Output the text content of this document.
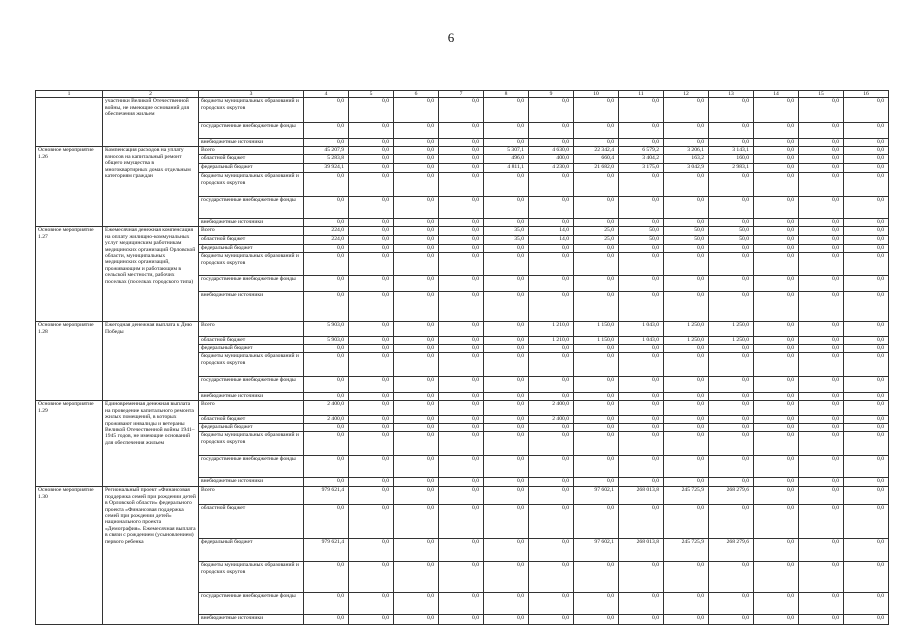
6
1	2	3	4	5	6	7	8	9	10	11	12	13	14	15	16
	участники Великой Отечественной войны, не имеющие оснований для обеспечения жильем	бюджеты муниципальных образований и городских округов	0,0	0,0	0,0	0,0	0,0	0,0	0,0	0,0	0,0	0,0	0,0	0,0	0,0
		государственные внебюджетные фонды	0,0	0,0	0,0	0,0	0,0	0,0	0,0	0,0	0,0	0,0	0,0	0,0	0,0
		внебюджетные источники	0,0	0,0	0,0	0,0	0,0	0,0	0,0	0,0	0,0	0,0	0,0	0,0	0,0
Основное мероприятие 1.26	Компенсация расходов на уплату взносов на капитальный ремонт общего имущества в многоквартирных домах отдельным категориям граждан	Всего	45 207,9	0,0	0,0	0,0	5 307,1	4 630,0	22 342,4	6 579,2	3 206,1	3 143,1	0,0	0,0	0,0
		областной бюджет	5 283,8	0,0	0,0	0,0	496,0	400,0	660,4	3 404,2	163,2	160,0	0,0	0,0	0,0
		федеральный бюджет	39 924,1	0,0	0,0	0,0	4 811,1	4 230,0	21 682,0	3 175,0	3 042,9	2 983,1	0,0	0,0	0,0
		бюджеты муниципальных образований и городских округов	0,0	0,0	0,0	0,0	0,0	0,0	0,0	0,0	0,0	0,0	0,0	0,0	0,0
		государственные внебюджетные фонды	0,0	0,0	0,0	0,0	0,0	0,0	0,0	0,0	0,0	0,0	0,0	0,0	0,0
		внебюджетные источники	0,0	0,0	0,0	0,0	0,0	0,0	0,0	0,0	0,0	0,0	0,0	0,0	0,0
Основное мероприятие 1.27	Ежемесячная денежная компенсация на оплату жилищно-коммунальных услуг медицинским работникам медицинских организаций Орловской области, муниципальных медицинских организаций, проживающим и работающим в сельской местности, рабочих поселках (поселках городского типа)	Всего	224,0	0,0	0,0	0,0	35,0	14,0	25,0	50,0	50,0	50,0	0,0	0,0	0,0
		областной бюджет	224,0	0,0	0,0	0,0	35,0	14,0	25,0	50,0	50,0	50,0	0,0	0,0	0,0
		федеральный бюджет	0,0	0,0	0,0	0,0	0,0	0,0	0,0	0,0	0,0	0,0	0,0	0,0	0,0
		бюджеты муниципальных образований и городских округов	0,0	0,0	0,0	0,0	0,0	0,0	0,0	0,0	0,0	0,0	0,0	0,0	0,0
		государственные внебюджетные фонды	0,0	0,0	0,0	0,0	0,0	0,0	0,0	0,0	0,0	0,0	0,0	0,0	0,0
		внебюджетные источники	0,0	0,0	0,0	0,0	0,0	0,0	0,0	0,0	0,0	0,0	0,0	0,0	0,0
Основное мероприятие 1.28	Ежегодная денежная выплата к Дню Победы	Всего	5 903,0	0,0	0,0	0,0	0,0	1 210,0	1 150,0	1 043,0	1 250,0	1 250,0	0,0	0,0	0,0
		областной бюджет	5 903,0	0,0	0,0	0,0	0,0	1 210,0	1 150,0	1 043,0	1 250,0	1 250,0	0,0	0,0	0,0
		федеральный бюджет	0,0	0,0	0,0	0,0	0,0	0,0	0,0	0,0	0,0	0,0	0,0	0,0	0,0
		бюджеты муниципальных образований и городских округов	0,0	0,0	0,0	0,0	0,0	0,0	0,0	0,0	0,0	0,0	0,0	0,0	0,0
		государственные внебюджетные фонды	0,0	0,0	0,0	0,0	0,0	0,0	0,0	0,0	0,0	0,0	0,0	0,0	0,0
		внебюджетные источники	0,0	0,0	0,0	0,0	0,0	0,0	0,0	0,0	0,0	0,0	0,0	0,0	0,0
Основное мероприятие 1.29	Единовременная денежная выплата на проведение капитального ремонта жилых помещений, в которых проживают инвалиды и ветераны Великой Отечественной войны 1941–1945 годов, не имеющие оснований для обеспечения жильем	Всего	2 400,0	0,0	0,0	0,0	0,0	2 400,0	0,0	0,0	0,0	0,0	0,0	0,0	0,0
		областной бюджет	2 400,0	0,0	0,0	0,0	0,0	2 400,0	0,0	0,0	0,0	0,0	0,0	0,0	0,0
		федеральный бюджет	0,0	0,0	0,0	0,0	0,0	0,0	0,0	0,0	0,0	0,0	0,0	0,0	0,0
		бюджеты муниципальных образований и городских округов	0,0	0,0	0,0	0,0	0,0	0,0	0,0	0,0	0,0	0,0	0,0	0,0	0,0
		государственные внебюджетные фонды	0,0	0,0	0,0	0,0	0,0	0,0	0,0	0,0	0,0	0,0	0,0	0,0	0,0
		внебюджетные источники	0,0	0,0	0,0	0,0	0,0	0,0	0,0	0,0	0,0	0,0	0,0	0,0	0,0
Основное мероприятие 1.30	Региональный проект «Финансовая поддержка семей при рождении детей в Орловской области» федерального проекта «Финансовая поддержка семей при рождении детей» национального проекта «Демография». Ежемесячная выплата в связи с рождением (усыновлением) первого ребенка	Всего	979 621,4	0,0	0,0	0,0	0,0	0,0	97 602,1	268 013,8	245 725,9	268 279,6	0,0	0,0	0,0
		областной бюджет	0,0	0,0	0,0	0,0	0,0	0,0	0,0	0,0	0,0	0,0	0,0	0,0	0,0
		федеральный бюджет	979 621,4	0,0	0,0	0,0	0,0	0,0	97 602,1	268 013,8	245 725,9	268 279,6	0,0	0,0	0,0
		бюджеты муниципальных образований и городских округов	0,0	0,0	0,0	0,0	0,0	0,0	0,0	0,0	0,0	0,0	0,0	0,0	0,0
		государственные внебюджетные фонды	0,0	0,0	0,0	0,0	0,0	0,0	0,0	0,0	0,0	0,0	0,0	0,0	0,0
		внебюджетные источники	0,0	0,0	0,0	0,0	0,0	0,0	0,0	0,0	0,0	0,0	0,0	0,0	0,0
